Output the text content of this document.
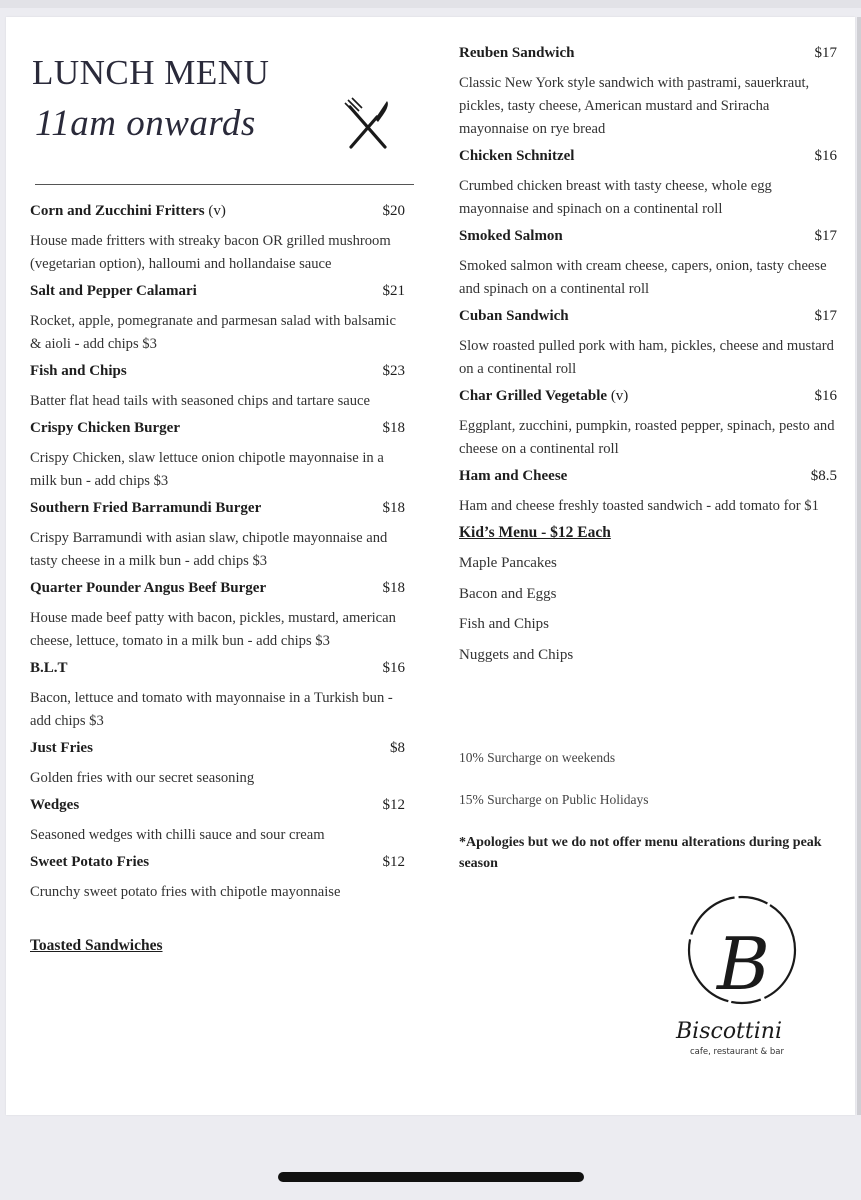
LUNCH MENU
11am onwards
Corn and Zucchini Fritters (v)	$20
House made fritters with streaky bacon OR grilled mushroom (vegetarian option), halloumi and hollandaise sauce
Salt and Pepper Calamari	$21
Rocket, apple, pomegranate and parmesan salad with balsamic & aioli - add chips $3
Fish and Chips	$23
Batter flat head tails with seasoned chips and tartare sauce
Crispy Chicken Burger	$18
Crispy Chicken, slaw lettuce onion chipotle mayonnaise in a milk bun - add chips $3
Southern Fried Barramundi Burger	$18
Crispy Barramundi with asian slaw, chipotle mayonnaise and tasty cheese in a milk bun - add chips $3
Quarter Pounder Angus Beef Burger	$18
House made beef patty with bacon, pickles, mustard, american cheese, lettuce, tomato in a milk bun - add chips $3
B.L.T	$16
Bacon, lettuce and tomato with mayonnaise in a Turkish bun - add chips $3
Just Fries	$8
Golden fries with our secret seasoning
Wedges	$12
Seasoned wedges with chilli sauce and sour cream
Sweet Potato Fries	$12
Crunchy sweet potato fries with chipotle mayonnaise
Toasted Sandwiches
Reuben Sandwich	$17
Classic New York style sandwich with pastrami, sauerkraut, pickles, tasty cheese, American mustard and Sriracha mayonnaise on rye bread
Chicken Schnitzel	$16
Crumbed chicken breast with tasty cheese, whole egg mayonnaise and spinach on a continental roll
Smoked Salmon	$17
Smoked salmon with cream cheese, capers, onion, tasty cheese and spinach on a continental roll
Cuban Sandwich	$17
Slow roasted pulled pork with ham, pickles, cheese and mustard on a continental roll
Char Grilled Vegetable (v)	$16
Eggplant, zucchini, pumpkin, roasted pepper, spinach, pesto and cheese on a continental roll
Ham and Cheese	$8.5
Ham and cheese freshly toasted sandwich - add tomato for $1
Kid’s Menu - $12 Each
Maple Pancakes
Bacon and Eggs
Fish and Chips
Nuggets and Chips
10% Surcharge on weekends
15% Surcharge on Public Holidays
*Apologies but we do not offer menu alterations during peak season
B
Biscottini
cafe, restaurant & bar
